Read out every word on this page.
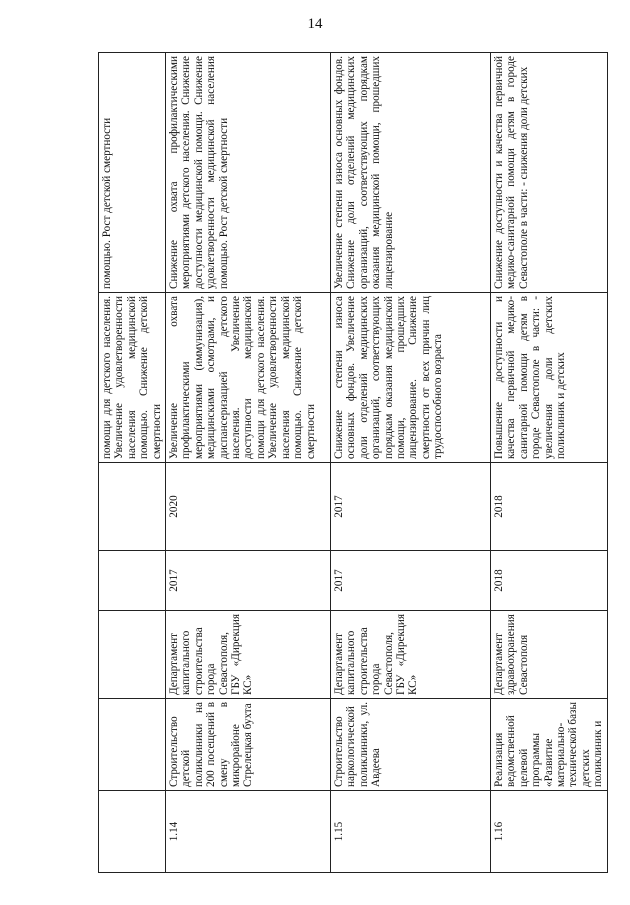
14
					помощи для детского населения. Увеличение удовлетворенности населения медицинской помощью. Снижение детской смертности	помощью. Рост детской смертности
1.14	Строительство детской поликлиники на 200 посещений в смену в микрорайоне Стрелецкая бухта	Департамент капитального строительства города Севастополя, ГБУ «Дирекция КС»	2017	2020	Увеличение охвата профилактическими мероприятиями (иммунизация), медицинскими осмотрами, и диспансеризацией детского населения. Увеличение доступности медицинской помощи для детского населения. Увеличение удовлетворенности населения медицинской помощью. Снижение детской смертности	Снижение охвата профилактическими мероприятиями детского населения. Снижение доступности медицинской помощи. Снижение удовлетворенности медицинской населения помощью. Рост детской смертности
1.15	Строительство наркологической поликлиники, ул. Авдеева	Департамент капитального строительства города Севастополя, ГБУ «Дирекция КС»	2017	2017	Снижение степени износа основных фондов. Увеличение доли отделений медицинских организаций, соответствующих порядкам оказания медицинской помощи, прошедших лицензирование. Снижение смертности от всех причин лиц трудоспособного возраста	Увеличение степени износа основных фондов. Снижение доли отделений медицинских организаций, соответствующих порядкам оказания медицинской помощи, прошедших лицензирование
1.16	Реализация ведомственной целевой программы «Развитие материально-технической базы детских поликлиник и	Департамент здравоохранения Севастополя	2018	2018	Повышение доступности и качества первичной медико-санитарной помощи детям в городе Севастополе в части: - увеличения доли детских поликлиник и детских	Снижение доступности и качества первичной медико-санитарной помощи детям в городе Севастополе в части: - снижения доли детских
